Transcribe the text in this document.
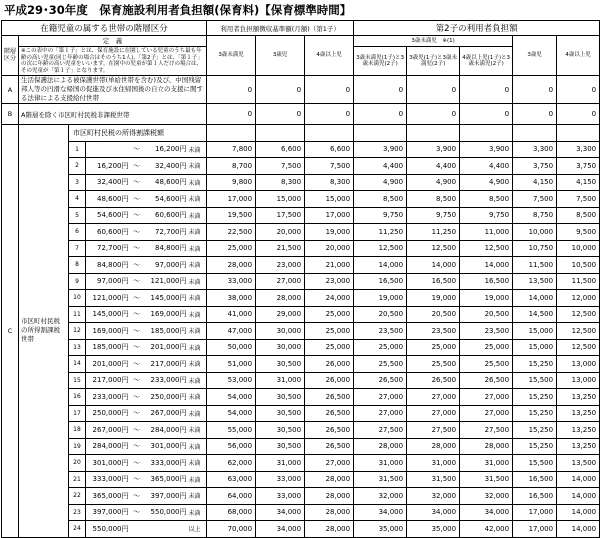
平成29･30年度　保育施設利用者負担額(保育料)【保育標準時間】
在籍児童の属する世帯の階層区分							利用者負担額徴収基準額(月額)（第1子）			第2子の利用者負担額				
階層区分	定　義						3歳未満児	3歳児	4歳以上児	3歳未満児　※(1)			3歳児	4歳以上児
	※この表中の「第１子」とは、保育施設に在園している児童のうち最も年齢の高い児童(同じ年齢の場合はそのうち1人)、「第2子」とは、「第１子」の次に年齢の高い児童をいいます。在園中の児童が第１人だけの場合は、その児童が「第１子」となります。									3歳未満児(1子)と3歳未満児(2子)	3歳児(1子)と3歳未満児(2子)	4歳以上児(1子)と3歳未満児(2子)		

A	生活保護法による被保護世帯(単給世帯を含む)及び、中国残留邦人等の円滑な帰国の促進及び永住帰国後の自立の支援に関する法律による支援給付世帯						0	0	0	0	0	0	0	0
B	A階層を除く市区町村民税非課税世帯						0	0	0	0	0	0	0	0
C	市区町村民税の所得割課税世帯	市区町村民税の所得割課税額												
		1		～	16,200円	未満	7,800	6,600	6,600	3,900	3,900	3,900	3,300	3,300
		2	16,200円	～	32,400円	未満	8,700	7,500	7,500	4,400	4,400	4,400	3,750	3,750
		3	32,400円	～	48,600円	未満	9,800	8,300	8,300	4,900	4,900	4,900	4,150	4,150
		4	48,600円	～	54,600円	未満	17,000	15,000	15,000	8,500	8,500	8,500	7,500	7,500
		5	54,600円	～	60,600円	未満	19,500	17,500	17,000	9,750	9,750	9,750	8,750	8,500
		6	60,600円	～	72,700円	未満	22,500	20,000	19,000	11,250	11,250	11,000	10,000	9,500
		7	72,700円	～	84,800円	未満	25,000	21,500	20,000	12,500	12,500	12,500	10,750	10,000
		8	84,800円	～	97,000円	未満	28,000	23,000	21,000	14,000	14,000	14,000	11,500	10,500
		9	97,000円	～	121,000円	未満	33,000	27,000	23,000	16,500	16,500	16,500	13,500	11,500
		10	121,000円	～	145,000円	未満	38,000	28,000	24,000	19,000	19,000	19,000	14,000	12,000
		11	145,000円	～	169,000円	未満	41,000	29,000	25,000	20,500	20,500	20,500	14,500	12,500
		12	169,000円	～	185,000円	未満	47,000	30,000	25,000	23,500	23,500	23,500	15,000	12,500
		13	185,000円	～	201,000円	未満	50,000	30,000	25,000	25,000	25,000	25,000	15,000	12,500
		14	201,000円	～	217,000円	未満	51,000	30,500	26,000	25,500	25,500	25,500	15,250	13,000
		15	217,000円	～	233,000円	未満	53,000	31,000	26,000	26,500	26,500	26,500	15,500	13,000
		16	233,000円	～	250,000円	未満	54,000	30,500	26,500	27,000	27,000	27,000	15,250	13,250
		17	250,000円	～	267,000円	未満	54,000	30,500	26,500	27,000	27,000	27,000	15,250	13,250
		18	267,000円	～	284,000円	未満	55,000	30,500	26,500	27,500	27,500	27,500	15,250	13,250
		19	284,000円	～	301,000円	未満	56,000	30,500	26,500	28,000	28,000	28,000	15,250	13,250
		20	301,000円	～	333,000円	未満	62,000	31,000	27,000	31,000	31,000	31,000	15,500	13,500
		21	333,000円	～	365,000円	未満	63,000	33,000	28,000	31,500	31,500	31,500	16,500	14,000
		22	365,000円	～	397,000円	未満	64,000	33,000	28,000	32,000	32,000	32,000	16,500	14,000
		23	397,000円	～	550,000円	未満	68,000	34,000	28,000	34,000	34,000	34,000	17,000	14,000
		24	550,000円			以上	70,000	34,000	28,000	35,000	35,000	42,000	17,000	14,000
